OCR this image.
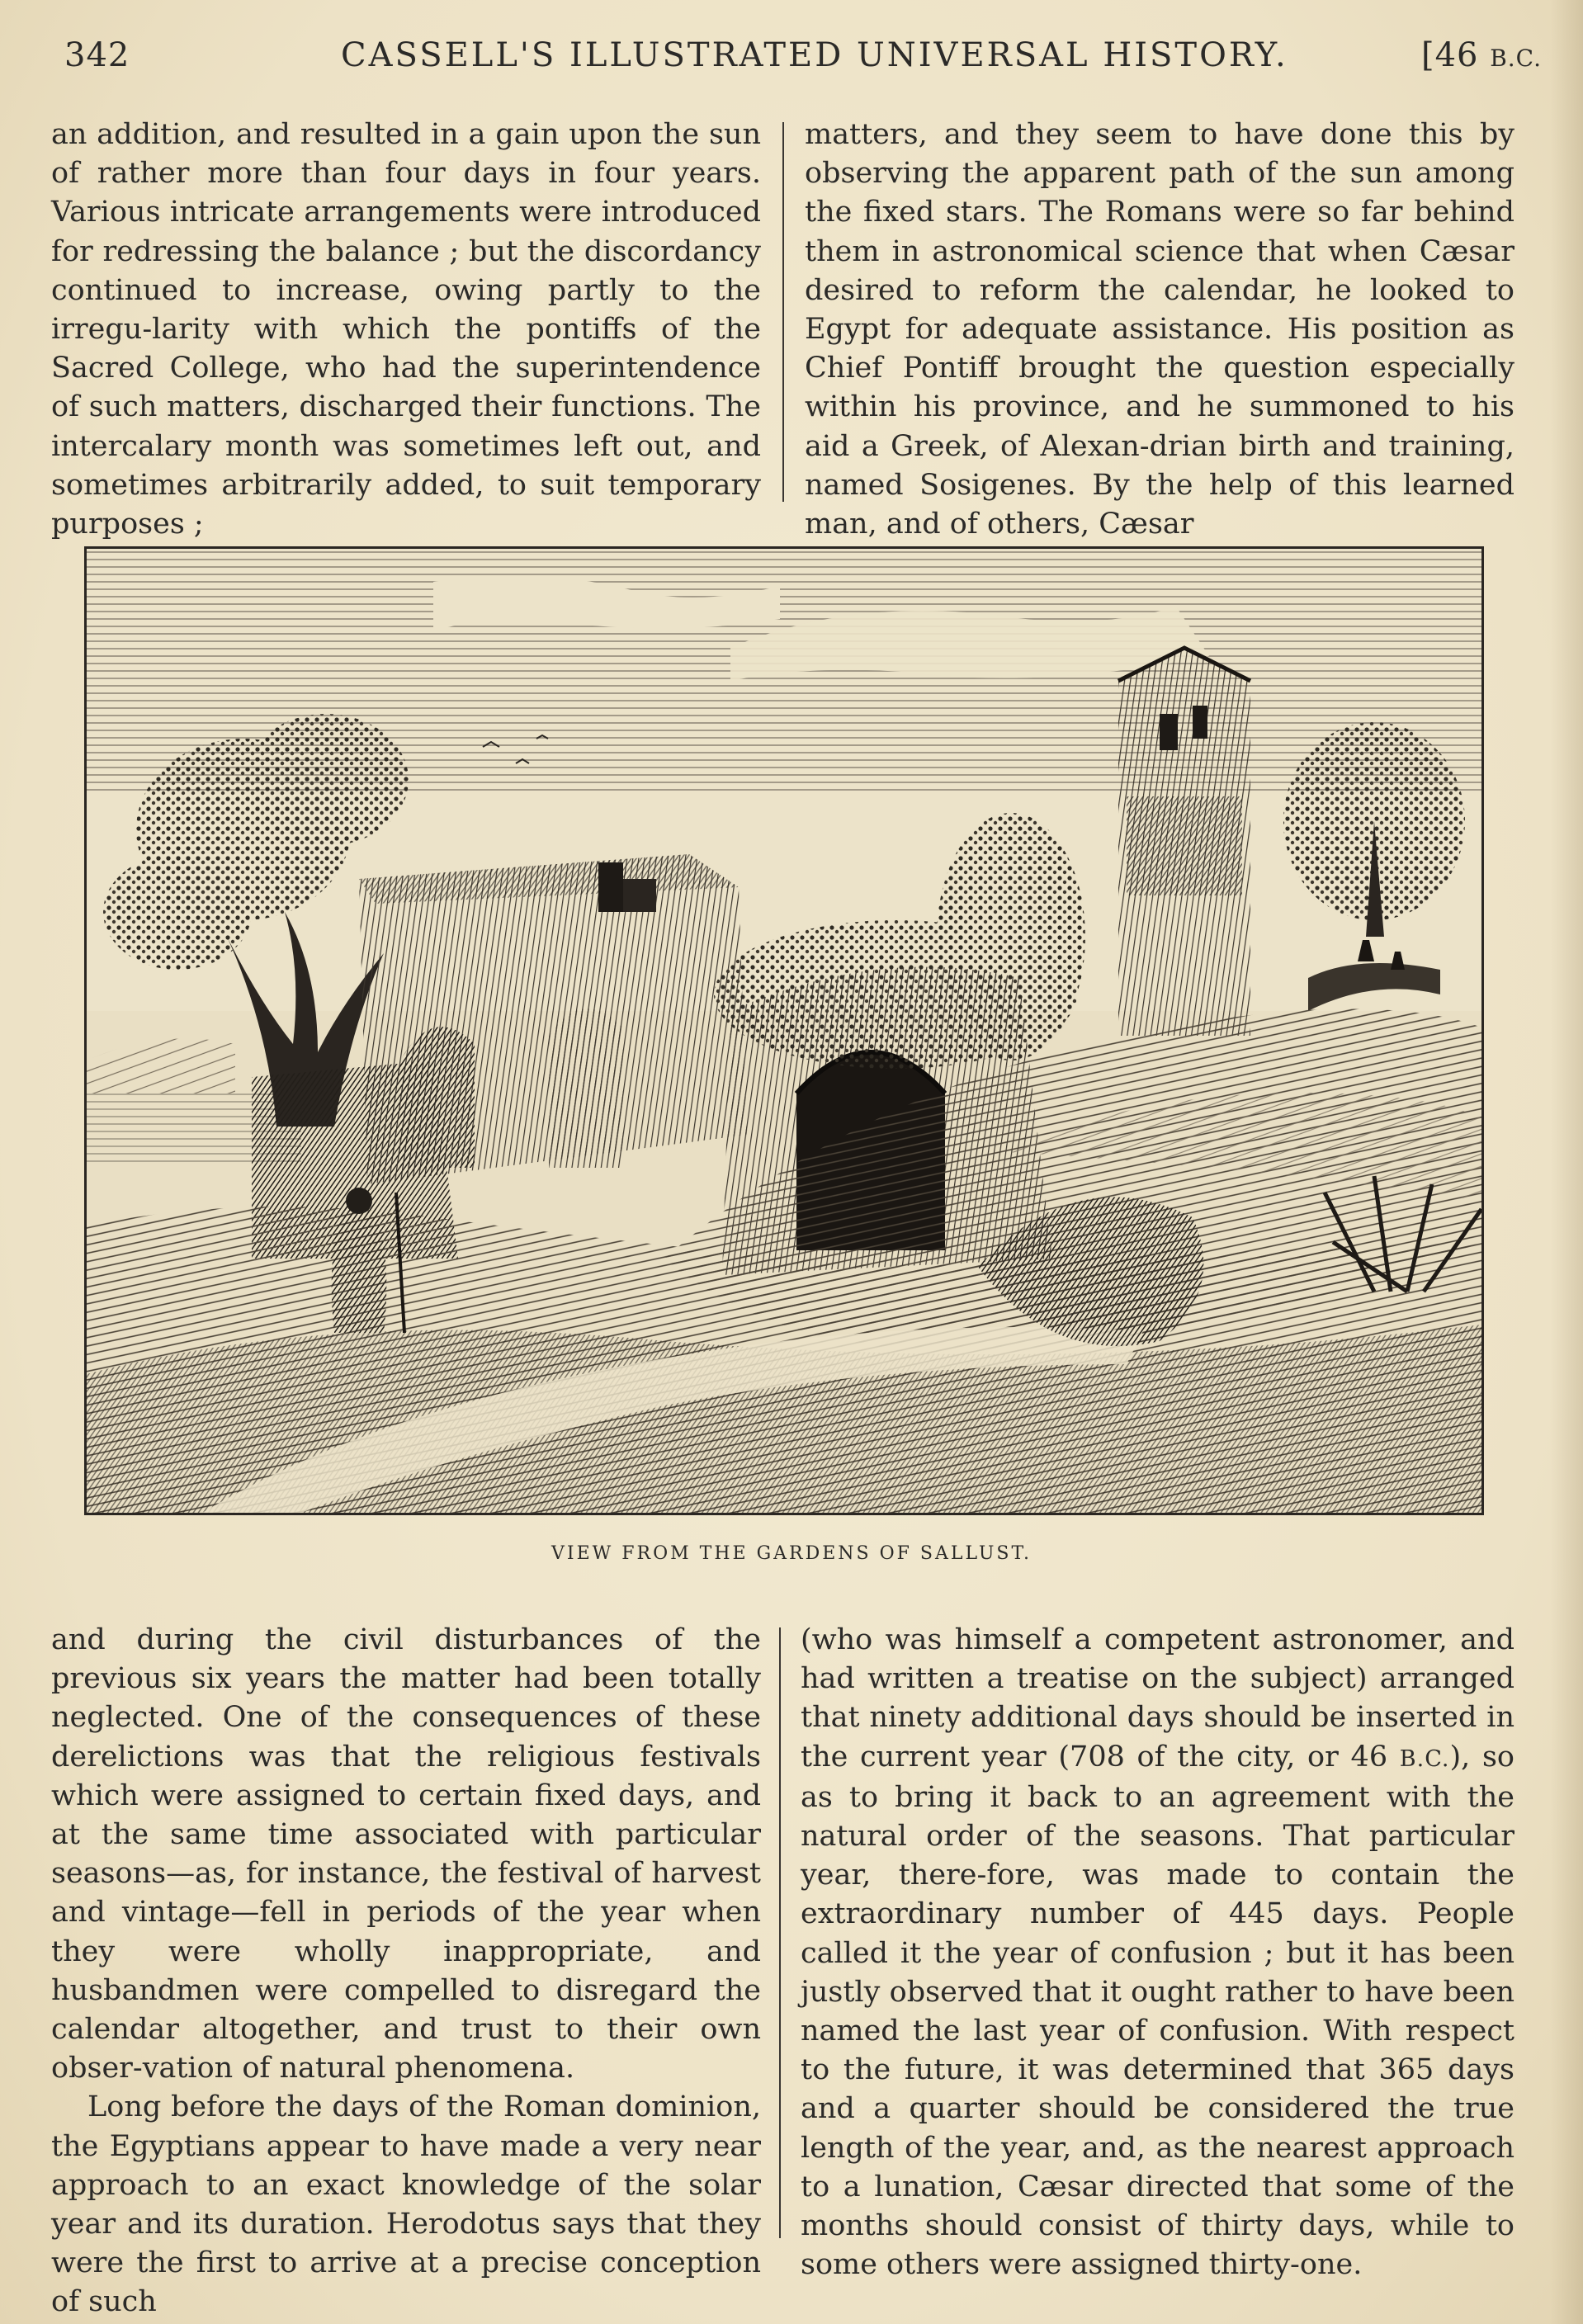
342	CASSELL'S ILLUSTRATED UNIVERSAL HISTORY.	[46 B.C.

an addition, and resulted in a gain upon the sun of rather more than four days in four years. Various intricate arrangements were introduced for redressing the balance ; but the discordancy continued to increase, owing partly to the irregu-larity with which the pontiffs of the Sacred College, who had the superintendence of such matters, discharged their functions. The intercalary month was sometimes left out, and sometimes arbitrarily added, to suit temporary purposes ;

matters, and they seem to have done this by observing the apparent path of the sun among the fixed stars. The Romans were so far behind them in astronomical science that when Cæsar desired to reform the calendar, he looked to Egypt for adequate assistance. His position as Chief Pontiff brought the question especially within his province, and he summoned to his aid a Greek, of Alexan-drian birth and training, named Sosigenes. By the help of this learned man, and of others, Cæsar

VIEW FROM THE GARDENS OF SALLUST.

and during the civil disturbances of the previous six years the matter had been totally neglected. One of the consequences of these derelictions was that the religious festivals which were assigned to certain fixed days, and at the same time associated with particular seasons—as, for instance, the festival of harvest and vintage—fell in periods of the year when they were wholly inappropriate, and husbandmen were compelled to disregard the calendar altogether, and trust to their own obser-vation of natural phenomena.

Long before the days of the Roman dominion, the Egyptians appear to have made a very near approach to an exact knowledge of the solar year and its duration. Herodotus says that they were the first to arrive at a precise conception of such

(who was himself a competent astronomer, and had written a treatise on the subject) arranged that ninety additional days should be inserted in the current year (708 of the city, or 46 B.C.), so as to bring it back to an agreement with the natural order of the seasons. That particular year, there-fore, was made to contain the extraordinary number of 445 days. People called it the year of confusion ; but it has been justly observed that it ought rather to have been named the last year of confusion. With respect to the future, it was determined that 365 days and a quarter should be considered the true length of the year, and, as the nearest approach to a lunation, Cæsar directed that some of the months should consist of thirty days, while to some others were assigned thirty-one.
